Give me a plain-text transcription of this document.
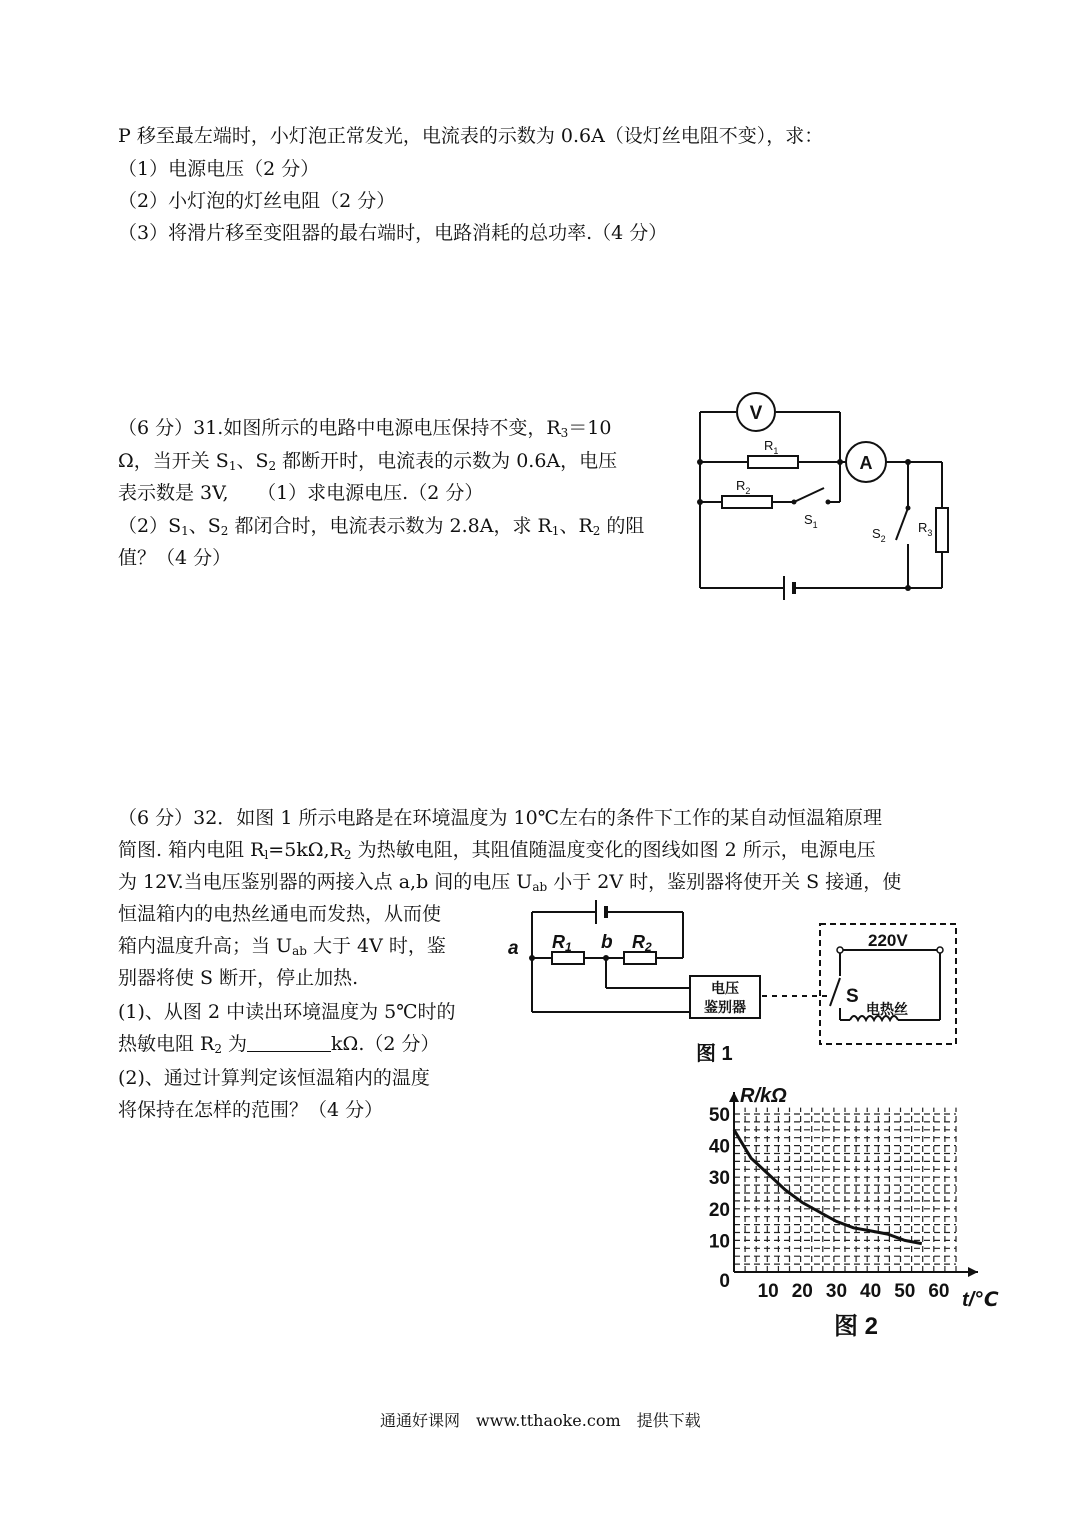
P 移至最左端时，小灯泡正常发光，电流表的示数为 0.6A（设灯丝电阻不变），求：
（1）电源电压（2 分）
（2）小灯泡的灯丝电阻（2 分）
（3）将滑片移至变阻器的最右端时，电路消耗的总功率.（4 分）
（6 分）31.如图所示的电路中电源电压保持不变，$R_3=10$
Ω，当开关 $S_1$、$S_2$ 都断开时，电流表的示数为 0.6A，电压
表示数是 3V,　　（1）求电源电压.（2 分）
$(2)S_1$、$S_2$ 都闭合时，电流表示数为 2.8A，求 $R_1$、$R_2$ 的阻
值？（4 分）
V
A
$R_1$
$R_2$
$S_1$
$S_2$
$R_3$
（6 分）32．如图 1 所示电路是在环境温度为 10℃左右的条件下工作的某自动恒温箱原理
简图. 箱内电阻 $R_l=5k\Omega,R_2$ 为热敏电阻，其阻值随温度变化的图线如图 2 所示，电源电压
为 12V.当电压鉴别器的两接入点 a,b 间的电压 $U_{ab}$ 小于 2V 时，鉴别器将使开关 S 接通，使
恒温箱内的电热丝通电而发热，从而使
箱内温度升高；当 $U_{ab}$ 大于 4V 时，鉴
别器将使 S 断开，停止加热.
(1)、从图 2 中读出环境温度为 5℃时的
热敏电阻 $R_2$ 为	kΩ.（2 分）
(2)、通过计算判定该恒温箱内的温度
将保持在怎样的范围？（4 分）
电压
鉴别器
a	b
R1	R2	220V
S
电热丝
图 1
10 20 30 40 50 60
0
10
20
30
40
50
R/kΩ
t/℃
图 2
通通好课网　www.tthaoke.com　提供下载
